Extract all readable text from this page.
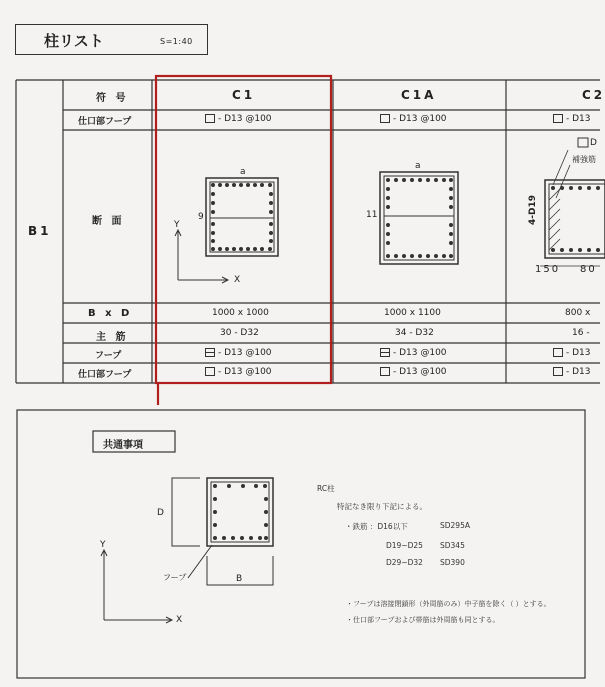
柱リスト	S=1:40
B1
符 号
仕口部フープ
断 面
B x D
主 筋
フープ
仕口部フープ
C1
- D13 @100
a
9
Y
X
1000 x 1000
30 - D32
- D13 @100
- D13 @100
C1A
- D13 @100
a
11
1000 x 1100
34 - D32
- D13 @100
- D13 @100
C2
- D13
D
補強筋
4-D19
150 80
800 x
16 -
- D13
- D13
共通事項
D
B
フープ
Y
X
RC柱
特記なき限り下記による。
・鉄筋 ：D16以下	SD295A
D19~D25 SD345
D29~D32 SD390
・フープは溶接閉鎖形（外周筋のみ）中子筋を除く（ ）とする。
・仕口部フープおよび帯筋は外周筋も同とする。
